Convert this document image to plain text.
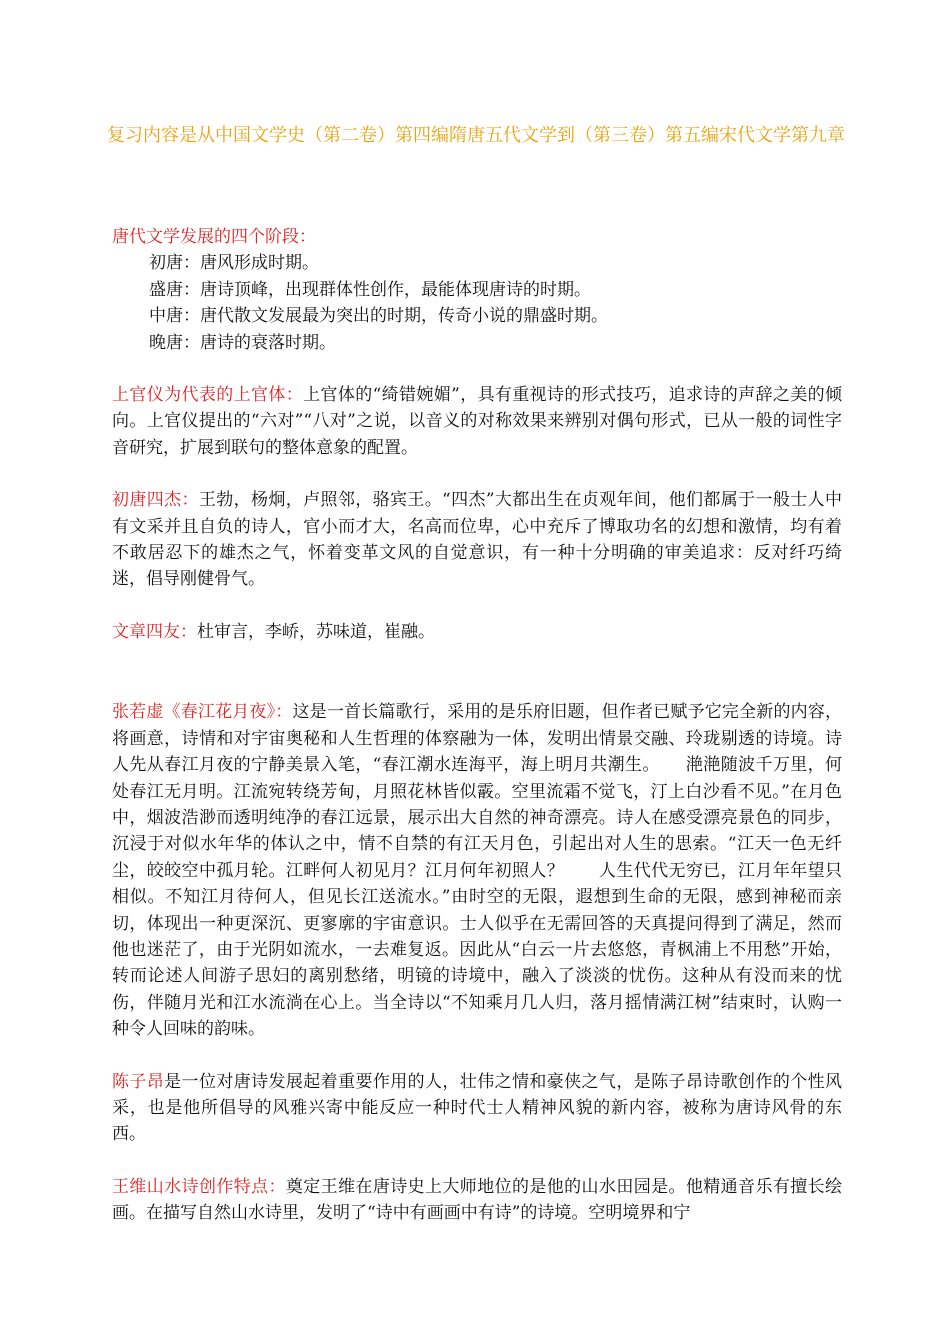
复习内容是从中国文学史（第二卷）第四编隋唐五代文学到（第三卷）第五编宋代文学第九章
唐代文学发展的四个阶段：
初唐：唐风形成时期。
盛唐：唐诗顶峰，出现群体性创作，最能体现唐诗的时期。
中唐：唐代散文发展最为突出的时期，传奇小说的鼎盛时期。
晚唐：唐诗的衰落时期。
上官仪为代表的上官体：上官体的“绮错婉媚”，具有重视诗的形式技巧，追求诗的声辞之美的倾向。上官仪提出的“六对”“八对”之说，以音义的对称效果来辨别对偶句形式，已从一般的词性字音研究，扩展到联句的整体意象的配置。
初唐四杰：王勃，杨炯，卢照邻，骆宾王。“四杰”大都出生在贞观年间，他们都属于一般士人中有文采并且自负的诗人，官小而才大，名高而位卑，心中充斥了博取功名的幻想和激情，均有着不敢居忍下的雄杰之气，怀着变革文风的自觉意识，有一种十分明确的审美追求：反对纤巧绮迷，倡导刚健骨气。
文章四友：杜审言，李峤，苏味道，崔融。
张若虚《春江花月夜》：这是一首长篇歌行，采用的是乐府旧题，但作者已赋予它完全新的内容，将画意，诗情和对宇宙奥秘和人生哲理的体察融为一体，发明出情景交融、玲珑剔透的诗境。诗人先从春江月夜的宁静美景入笔，“春江潮水连海平，海上明月共潮生。　　滟滟随波千万里，何处春江无月明。江流宛转绕芳甸，月照花林皆似霰。空里流霜不觉飞，汀上白沙看不见。”在月色中，烟波浩渺而透明纯净的春江远景，展示出大自然的神奇漂亮。诗人在感受漂亮景色的同步，沉浸于对似水年华的体认之中，情不自禁的有江天月色，引起出对人生的思索。“江天一色无纤尘，皎皎空中孤月轮。江畔何人初见月？江月何年初照人？　　人生代代无穷已，江月年年望只相似。不知江月待何人，但见长江送流水。”由时空的无限，遐想到生命的无限，感到神秘而亲切，体现出一种更深沉、更寥廓的宇宙意识。士人似乎在无需回答的天真提问得到了满足，然而他也迷茫了，由于光阴如流水，一去难复返。因此从“白云一片去悠悠，青枫浦上不用愁”开始，转而论述人间游子思妇的离别愁绪，明镜的诗境中，融入了淡淡的忧伤。这种从有没而来的忧伤，伴随月光和江水流淌在心上。当全诗以“不知乘月几人归，落月摇情满江树”结束时，认购一种令人回味的韵味。
陈子昂是一位对唐诗发展起着重要作用的人，壮伟之情和豪侠之气，是陈子昂诗歌创作的个性风采，也是他所倡导的风雅兴寄中能反应一种时代士人精神风貌的新内容，被称为唐诗风骨的东西。
王维山水诗创作特点：奠定王维在唐诗史上大师地位的是他的山水田园是。他精通音乐有擅长绘画。在描写自然山水诗里，发明了“诗中有画画中有诗”的诗境。空明境界和宁
